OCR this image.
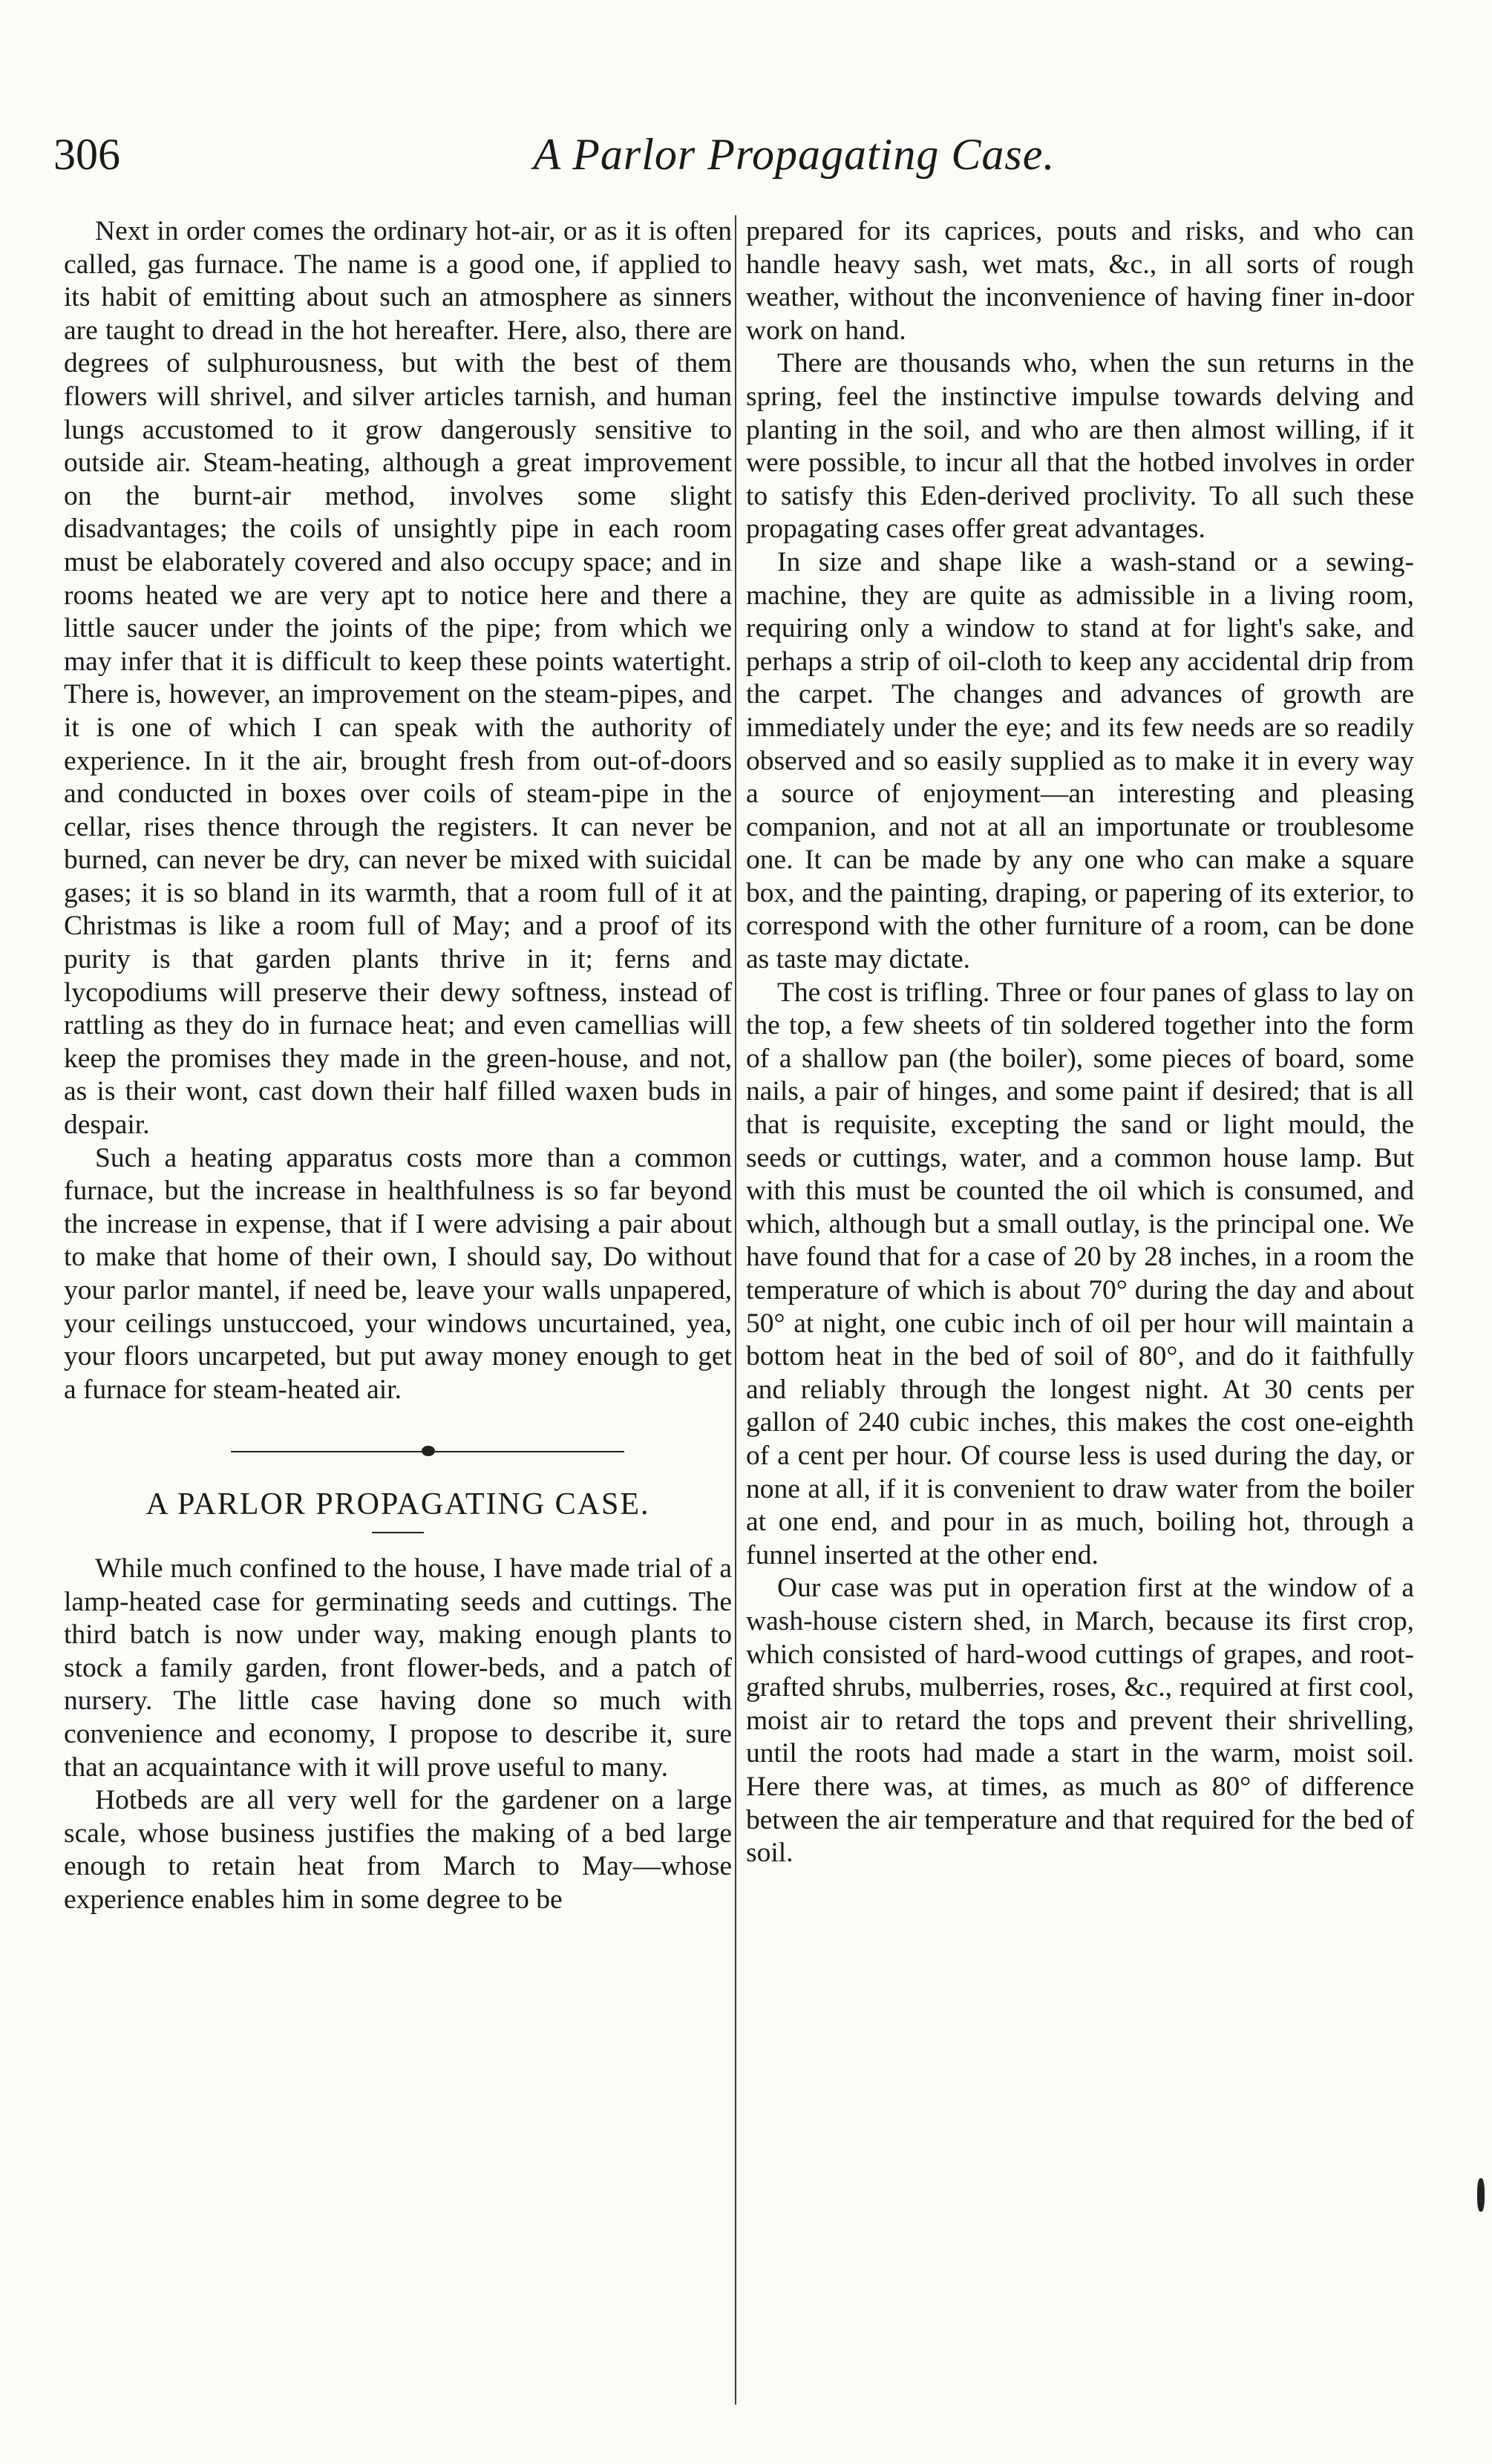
306	A Parlor Propagating Case.

Next in order comes the ordinary hot-air, or as it is often called, gas furnace. The name is a good one, if applied to its habit of emitting about such an atmosphere as sinners are taught to dread in the hot hereafter. Here, also, there are degrees of sulphurousness, but with the best of them flowers will shrivel, and silver articles tarnish, and human lungs accustomed to it grow dangerously sensitive to outside air. Steam-heating, although a great improvement on the burnt-air method, involves some slight disadvantages; the coils of unsightly pipe in each room must be elaborately covered and also occupy space; and in rooms heated we are very apt to notice here and there a little saucer under the joints of the pipe; from which we may infer that it is difficult to keep these points watertight. There is, however, an improvement on the steam-pipes, and it is one of which I can speak with the authority of experience. In it the air, brought fresh from out-of-doors and conducted in boxes over coils of steam-pipe in the cellar, rises thence through the registers. It can never be burned, can never be dry, can never be mixed with suicidal gases; it is so bland in its warmth, that a room full of it at Christmas is like a room full of May; and a proof of its purity is that garden plants thrive in it; ferns and lycopodiums will preserve their dewy softness, instead of rattling as they do in furnace heat; and even camellias will keep the promises they made in the green-house, and not, as is their wont, cast down their half filled waxen buds in despair.

Such a heating apparatus costs more than a common furnace, but the increase in healthfulness is so far beyond the increase in expense, that if I were advising a pair about to make that home of their own, I should say, Do without your parlor mantel, if need be, leave your walls unpapered, your ceilings unstuccoed, your windows uncurtained, yea, your floors uncarpeted, but put away money enough to get a furnace for steam-heated air.

A PARLOR PROPAGATING CASE.

While much confined to the house, I have made trial of a lamp-heated case for germinating seeds and cuttings. The third batch is now under way, making enough plants to stock a family garden, front flower-beds, and a patch of nursery. The little case having done so much with convenience and economy, I propose to describe it, sure that an acquaintance with it will prove useful to many.

Hotbeds are all very well for the gardener on a large scale, whose business justifies the making of a bed large enough to retain heat from March to May—whose experience enables him in some degree to be

prepared for its caprices, pouts and risks, and who can handle heavy sash, wet mats, &c., in all sorts of rough weather, without the inconvenience of having finer in-door work on hand.

There are thousands who, when the sun returns in the spring, feel the instinctive impulse towards delving and planting in the soil, and who are then almost willing, if it were possible, to incur all that the hotbed involves in order to satisfy this Eden-derived proclivity. To all such these propagating cases offer great advantages.

In size and shape like a wash-stand or a sewing-machine, they are quite as admissible in a living room, requiring only a window to stand at for light's sake, and perhaps a strip of oil-cloth to keep any accidental drip from the carpet. The changes and advances of growth are immediately under the eye; and its few needs are so readily observed and so easily supplied as to make it in every way a source of enjoyment—an interesting and pleasing companion, and not at all an importunate or troublesome one. It can be made by any one who can make a square box, and the painting, draping, or papering of its exterior, to correspond with the other furniture of a room, can be done as taste may dictate.

The cost is trifling. Three or four panes of glass to lay on the top, a few sheets of tin soldered together into the form of a shallow pan (the boiler), some pieces of board, some nails, a pair of hinges, and some paint if desired; that is all that is requisite, excepting the sand or light mould, the seeds or cuttings, water, and a common house lamp. But with this must be counted the oil which is consumed, and which, although but a small outlay, is the principal one. We have found that for a case of 20 by 28 inches, in a room the temperature of which is about 70° during the day and about 50° at night, one cubic inch of oil per hour will maintain a bottom heat in the bed of soil of 80°, and do it faithfully and reliably through the longest night. At 30 cents per gallon of 240 cubic inches, this makes the cost one-eighth of a cent per hour. Of course less is used during the day, or none at all, if it is convenient to draw water from the boiler at one end, and pour in as much, boiling hot, through a funnel inserted at the other end.

Our case was put in operation first at the window of a wash-house cistern shed, in March, because its first crop, which consisted of hard-wood cuttings of grapes, and root-grafted shrubs, mulberries, roses, &c., required at first cool, moist air to retard the tops and prevent their shrivelling, until the roots had made a start in the warm, moist soil. Here there was, at times, as much as 80° of difference between the air temperature and that required for the bed of soil.
